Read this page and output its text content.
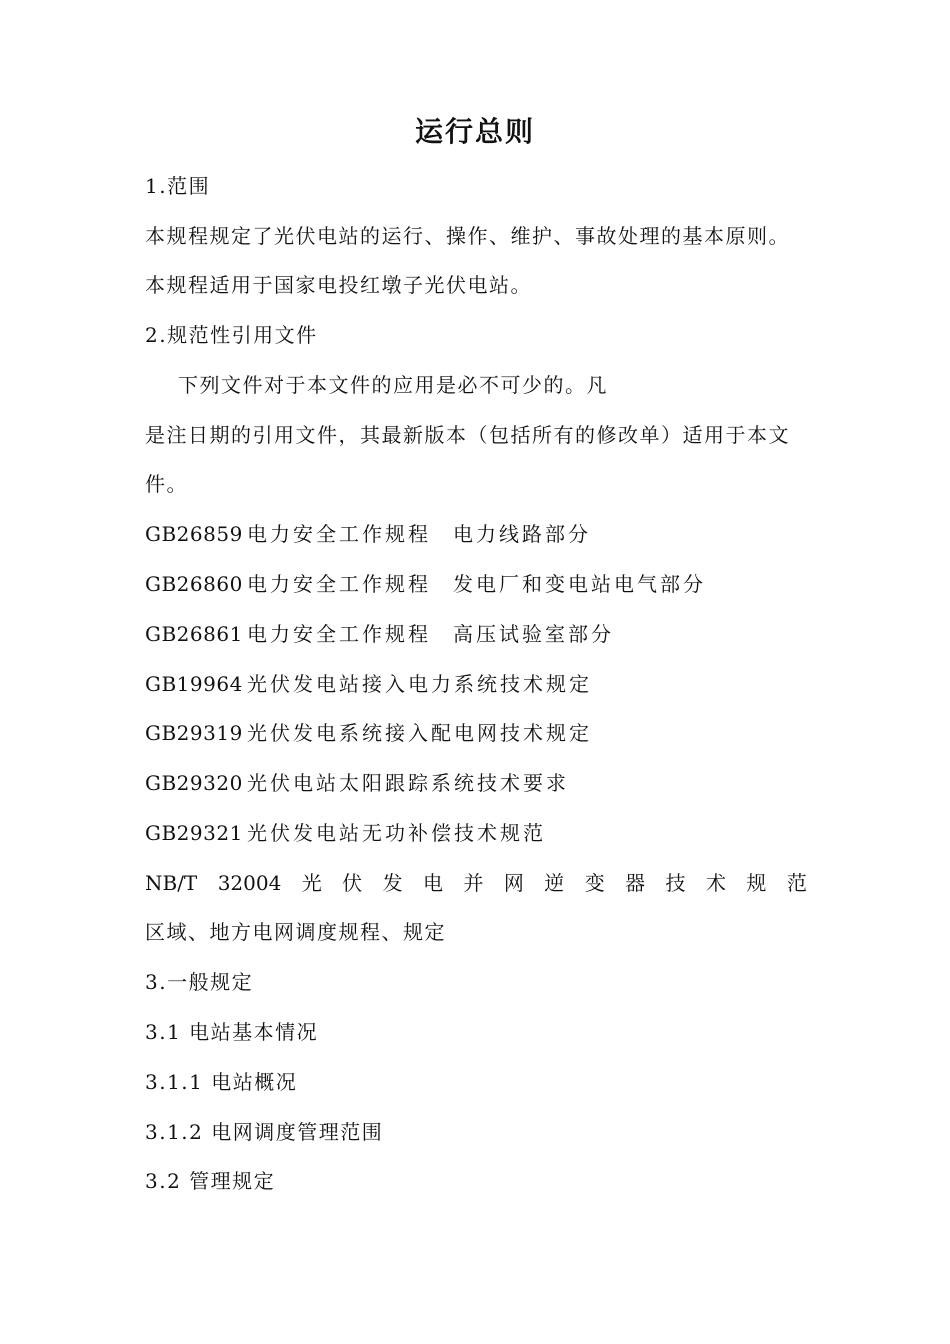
运行总则
1.范围
本规程规定了光伏电站的运行、操作、维护、事故处理的基本原则。
本规程适用于国家电投红墩子光伏电站。
2.规范性引用文件
下列文件对于本文件的应用是必不可少的。凡
是注日期的引用文件，其最新版本（包括所有的修改单）适用于本文
件。
GB26859 电力安全工作规程 电力线路部分
GB26860 电力安全工作规程 发电厂和变电站电气部分
GB26861 电力安全工作规程 高压试验室部分
GB19964 光伏发电站接入电力系统技术规定
GB29319 光伏发电系统接入配电网技术规定
GB29320 光伏电站太阳跟踪系统技术要求
GB29321 光伏发电站无功补偿技术规范
NB/T 32004 光 伏 发 电 并 网 逆 变 器 技 术 规 范
区域、地方电网调度规程、规定
3.一般规定
3.1 电站基本情况
3.1.1 电站概况
3.1.2 电网调度管理范围
3.2 管理规定
